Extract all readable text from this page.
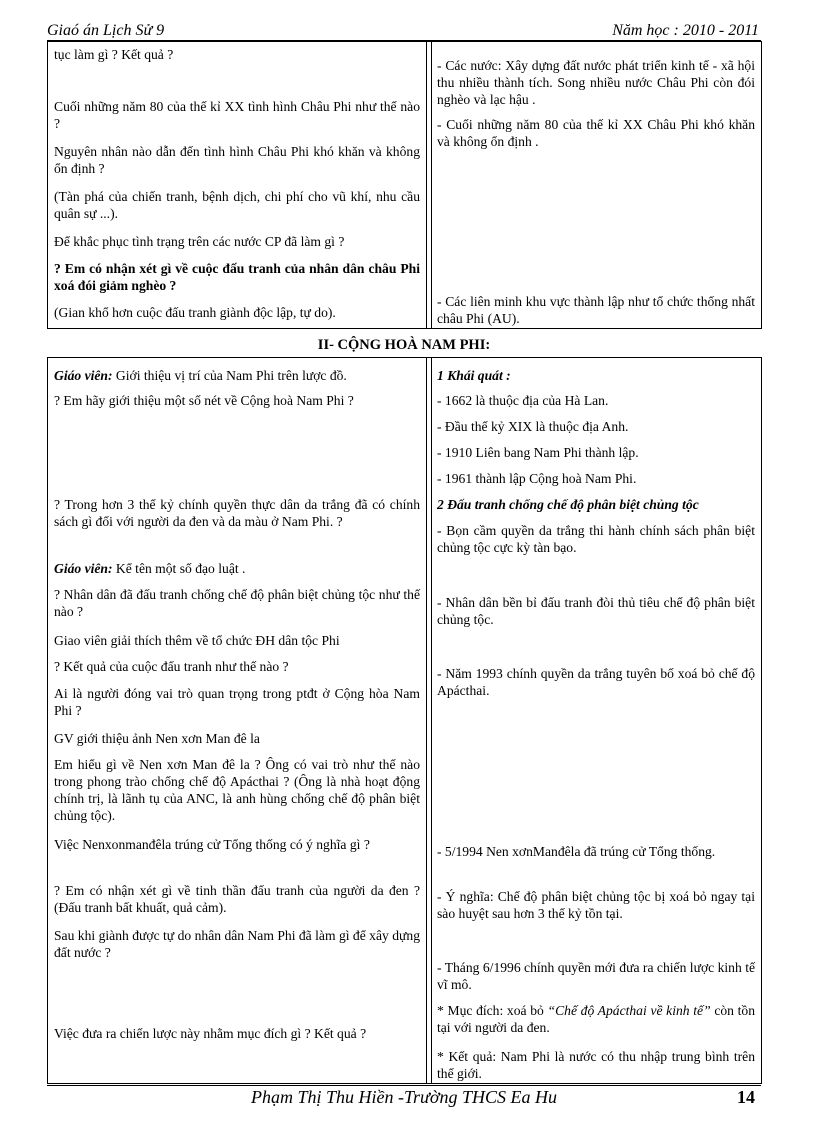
Giaó án Lịch Sử 9	Năm học : 2010 - 2011
tục làm gì ? Kết quả ?
Cuối những năm 80 của thế kỉ XX tình hình Châu Phi như thế nào ?
Nguyên nhân nào dẫn đến tình hình Châu Phi khó khăn và không ổn định ?
(Tàn phá của chiến tranh, bệnh dịch, chi phí cho vũ khí, nhu cầu quân sự ...).
Để khắc phục tình trạng trên các nước CP đã làm gì ?
? Em có nhận xét gì về cuộc đấu tranh của nhân dân châu Phi xoá đói giảm nghèo ?
(Gian khổ hơn cuộc đấu tranh giành độc lập, tự do).
- Các nước: Xây dựng đất nước phát triển kinh tế - xã hội thu nhiều thành tích. Song nhiều nước Châu Phi còn đói nghèo và lạc hậu .
- Cuối những năm 80 của thế kỉ XX Châu Phi khó khăn và không ổn định .
- Các liên minh khu vực thành lập như tổ chức thống nhất châu Phi (AU).
II- CỘNG HOÀ NAM PHI:
Giáo viên: Giới thiệu vị trí của Nam Phi trên lược đồ.
? Em hãy giới thiệu một số nét về Cộng hoà Nam Phi ?
? Trong hơn 3 thế kỷ chính quyền thực dân da trắng đã có chính sách gì đối với người da đen và da màu ở Nam Phi. ?
Giáo viên: Kể tên một số đạo luật .
? Nhân dân đã đấu tranh chống chế độ phân biệt chủng tộc như thế nào ?
Giao viên giải thích thêm về tổ chức ĐH dân tộc Phi
? Kết quả của cuộc đấu tranh như thế nào ?
Ai là người đóng vai trò quan trọng trong ptđt ở Cộng hòa Nam Phi ?
GV giới thiệu ảnh Nen xơn Man đê la
Em hiểu gì về Nen xơn Man đê la ? Ông có vai trò như thế nào trong phong trào chống chế độ Apácthai ? (Ông là nhà hoạt động chính trị, là lãnh tụ của ANC, là anh hùng chống chế độ phân biệt chủng tộc).
Việc Nenxonmanđêla trúng cử Tổng thống có ý nghĩa gì ?
? Em có nhận xét gì về tinh thần đấu tranh của người da đen ? (Đấu tranh bất khuất, quả cảm).
Sau khi giành được tự do nhân dân Nam Phi đã làm gì để xây dựng đất nước ?
Việc đưa ra chiến lược này nhằm mục đích gì ? Kết quả ?
1 Khái quát :
- 1662 là thuộc địa của Hà Lan.
- Đầu thế kỷ XIX là thuộc địa Anh.
- 1910 Liên bang Nam Phi thành lập.
- 1961 thành lập Cộng hoà Nam Phi.
2 Đấu tranh chống chế độ phân biệt chủng tộc
- Bọn cầm quyền da trắng thi hành chính sách phân biệt chủng tộc cực kỳ tàn bạo.
- Nhân dân bền bỉ đấu tranh đòi thủ tiêu chế độ phân biệt chủng tộc.
- Năm 1993 chính quyền da trắng tuyên bố xoá bỏ chế độ Apácthai.
- 5/1994 Nen xơnManđêla đã trúng cử Tổng thống.
- Ý nghĩa: Chế độ phân biệt chủng tộc bị xoá bỏ ngay tại sào huyệt sau hơn 3 thế kỷ tồn tại.
- Tháng 6/1996 chính quyền mới đưa ra chiến lược kinh tế vĩ mô.
* Mục đích: xoá bỏ “Chế độ Apácthai về kinh tế” còn tồn tại với người da đen.
* Kết quả: Nam Phi là nước có thu nhập trung bình trên thế giới.
Phạm Thị Thu Hiền -Trường THCS Ea Hu	14
